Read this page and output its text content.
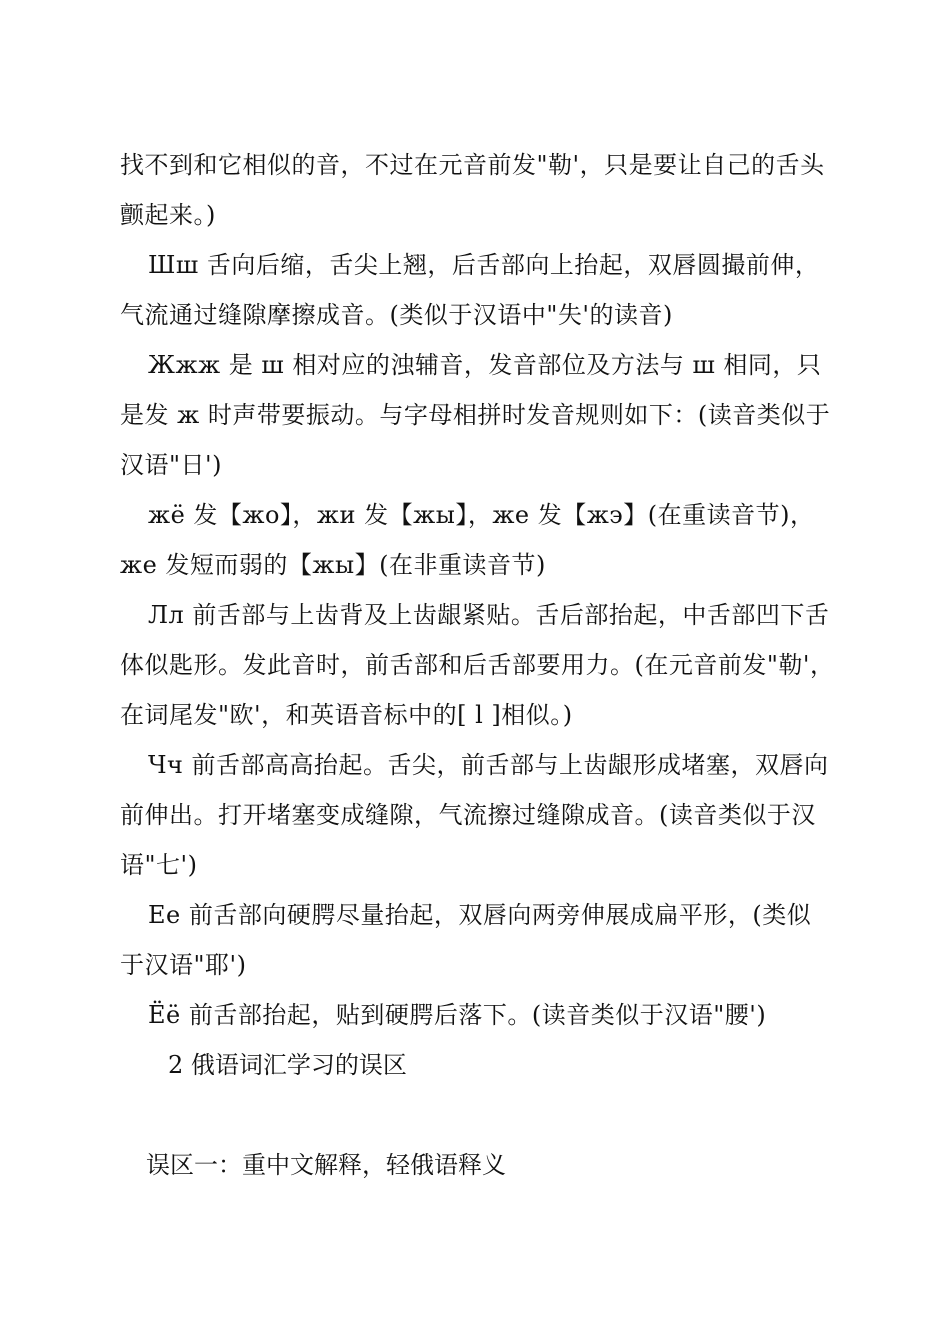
找不到和它相似的音，不过在元音前发"勒'，只是要让自己的舌头颤起来。)

Шш 舌向后缩，舌尖上翘，后舌部向上抬起，双唇圆撮前伸，气流通过缝隙摩擦成音。(类似于汉语中"失'的读音)

Жжж 是 ш 相对应的浊辅音，发音部位及方法与 ш 相同，只是发 ж 时声带要振动。与字母相拼时发音规则如下：(读音类似于汉语"日')

жё 发【жо】，жи 发【жы】，же 发【жэ】(在重读音节)，же 发短而弱的【жы】(在非重读音节)

Лл 前舌部与上齿背及上齿龈紧贴。舌后部抬起，中舌部凹下舌体似匙形。发此音时，前舌部和后舌部要用力。(在元音前发"勒'，在词尾发"欧'，和英语音标中的[ l ]相似。)

Чч 前舌部高高抬起。舌尖，前舌部与上齿龈形成堵塞，双唇向前伸出。打开堵塞变成缝隙，气流擦过缝隙成音。(读音类似于汉语"七')

Ее 前舌部向硬腭尽量抬起，双唇向两旁伸展成扁平形，(类似于汉语"耶')

Ёё 前舌部抬起，贴到硬腭后落下。(读音类似于汉语"腰')

2 俄语词汇学习的误区

误区一：重中文解释，轻俄语释义
